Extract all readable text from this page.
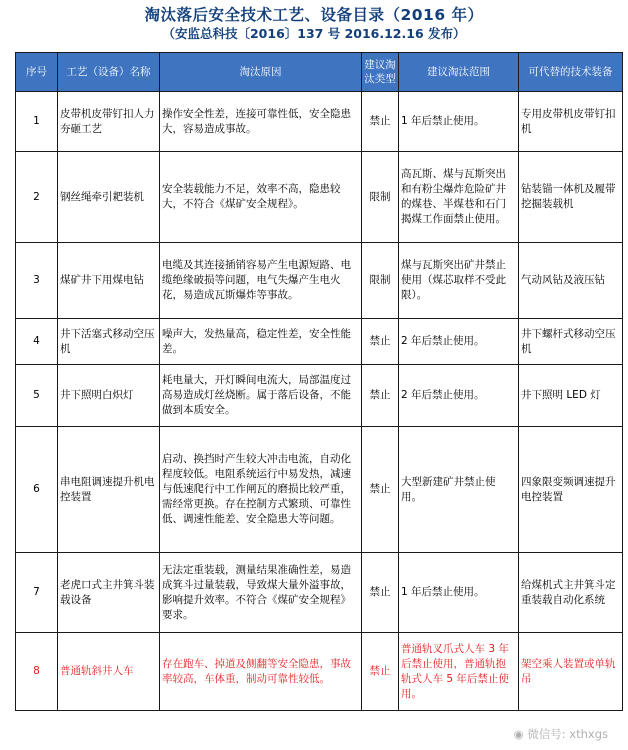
淘汰落后安全技术工艺、设备目录（2016 年）
（安监总科技〔2016〕137 号 2016.12.16 发布）
序号	工艺（设备）名称	淘汰原因	建议淘汰类型	建议淘汰范围	可代替的技术装备
1	皮带机皮带钉扣人力夯砸工艺	操作安全性差，连接可靠性低，安全隐患大，容易造成事故。	禁止	1 年后禁止使用。	专用皮带机皮带钉扣机
2	钢丝绳牵引耙装机	安全装载能力不足，效率不高，隐患较大，不符合《煤矿安全规程》。	限制	高瓦斯、煤与瓦斯突出和有粉尘爆炸危险矿井的煤巷、半煤巷和石门揭煤工作面禁止使用。	钻装锚一体机及履带挖掘装载机
3	煤矿井下用煤电钻	电缆及其连接插销容易产生电源短路、电缆绝缘破损等问题，电气失爆产生电火花，易造成瓦斯爆炸等事故。	限制	煤与瓦斯突出矿井禁止使用（煤芯取样不受此限）。	气动风钻及液压钻
4	井下活塞式移动空压机	噪声大，发热量高，稳定性差，安全性能差。	禁止	2 年后禁止使用。	井下螺杆式移动空压机
5	井下照明白炽灯	耗电量大，开灯瞬间电流大，局部温度过高易造成灯丝烧断。属于落后设备，不能做到本质安全。	禁止	2 年后禁止使用。	井下照明 LED 灯
6	串电阻调速提升机电控装置	启动、换挡时产生较大冲击电流，自动化程度较低。电阻系统运行中易发热，减速与低速爬行中工作闸瓦的磨损比较严重，需经常更换。存在控制方式繁琐、可靠性低、调速性能差、安全隐患大等问题。	禁止	大型新建矿井禁止使用。	四象限变频调速提升电控装置
7	老虎口式主井箕斗装载设备	无法定重装载，测量结果准确性差，易造成箕斗过量装载，导致煤大量外溢事故，影响提升效率。不符合《煤矿安全规程》要求。	禁止	1 年后禁止使用。	给煤机式主井箕斗定重装载自动化系统
8	普通轨斜井人车	存在跑车、掉道及侧翻等安全隐患，事故率较高，车体重，制动可靠性较低。	禁止	普通轨叉爪式人车 3 年后禁止使用，普通轨抱轨式人车 5 年后禁止使用。	架空乘人装置或单轨吊
◉ 微信号: xthxgs
